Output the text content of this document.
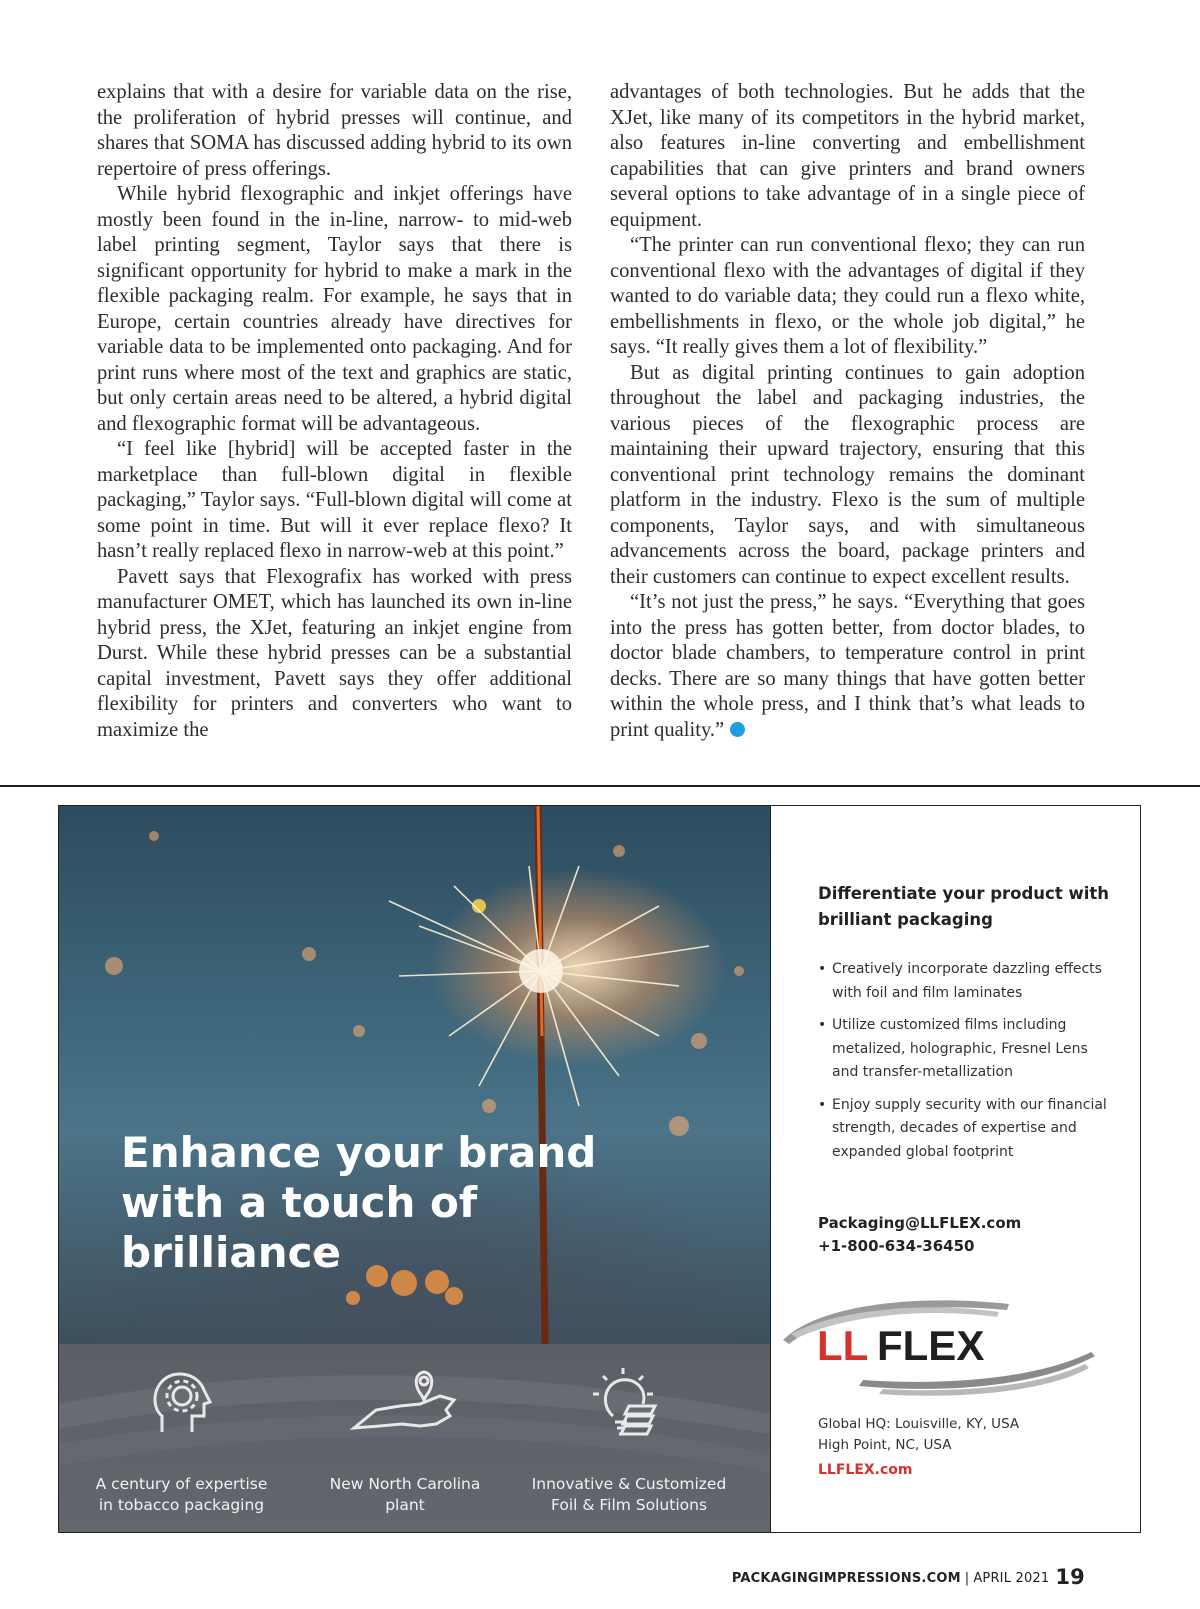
explains that with a desire for variable data on the rise, the proliferation of hybrid presses will continue, and shares that SOMA has discussed adding hybrid to its own repertoire of press offerings.

While hybrid flexographic and inkjet offerings have mostly been found in the in-line, narrow- to mid-web label printing segment, Taylor says that there is significant opportunity for hybrid to make a mark in the flexible packaging realm. For example, he says that in Europe, certain countries already have directives for variable data to be implemented onto packaging. And for print runs where most of the text and graphics are static, but only certain areas need to be altered, a hybrid digital and flexographic format will be advantageous.

“I feel like [hybrid] will be accepted faster in the marketplace than full-blown digital in flexible packaging,” Taylor says. “Full-blown digital will come at some point in time. But will it ever replace flexo? It hasn’t really replaced flexo in narrow-web at this point.”

Pavett says that Flexografix has worked with press manufacturer OMET, which has launched its own in-line hybrid press, the XJet, featuring an inkjet engine from Durst. While these hybrid presses can be a substantial capital investment, Pavett says they offer additional flexibility for printers and converters who want to maximize the

advantages of both technologies. But he adds that the XJet, like many of its competitors in the hybrid market, also features in-line converting and embellishment capabilities that can give printers and brand owners several options to take advantage of in a single piece of equipment.

“The printer can run conventional flexo; they can run conventional flexo with the advantages of digital if they wanted to do variable data; they could run a flexo white, embellishments in flexo, or the whole job digital,” he says. “It really gives them a lot of flexibility.”

But as digital printing continues to gain adoption throughout the label and packaging industries, the various pieces of the flexographic process are maintaining their upward trajectory, ensuring that this conventional print technology remains the dominant platform in the industry. Flexo is the sum of multiple components, Taylor says, and with simultaneous advancements across the board, package printers and their customers can continue to expect excellent results.

“It’s not just the press,” he says. “Everything that goes into the press has gotten better, from doctor blades, to doctor blade chambers, to temperature control in print decks. There are so many things that have gotten better within the whole press, and I think that’s what leads to print quality.”

Enhance your brand with a touch of brilliance
A century of expertise
in tobacco packaging
New North Carolina
plant
Innovative & Customized
Foil & Film Solutions
Differentiate your product with brilliant packaging
• Creatively incorporate dazzling effects with foil and film laminates
• Utilize customized films including metalized, holographic, Fresnel Lens and transfer-metallization
• Enjoy supply security with our financial strength, decades of expertise and expanded global footprint
Packaging@LLFLEX.com
+1-800-634-36450
LL FLEX
Global HQ: Louisville, KY, USA
High Point, NC, USA
LLFLEX.com
PACKAGINGIMPRESSIONS.COM | APRIL 2021 19
